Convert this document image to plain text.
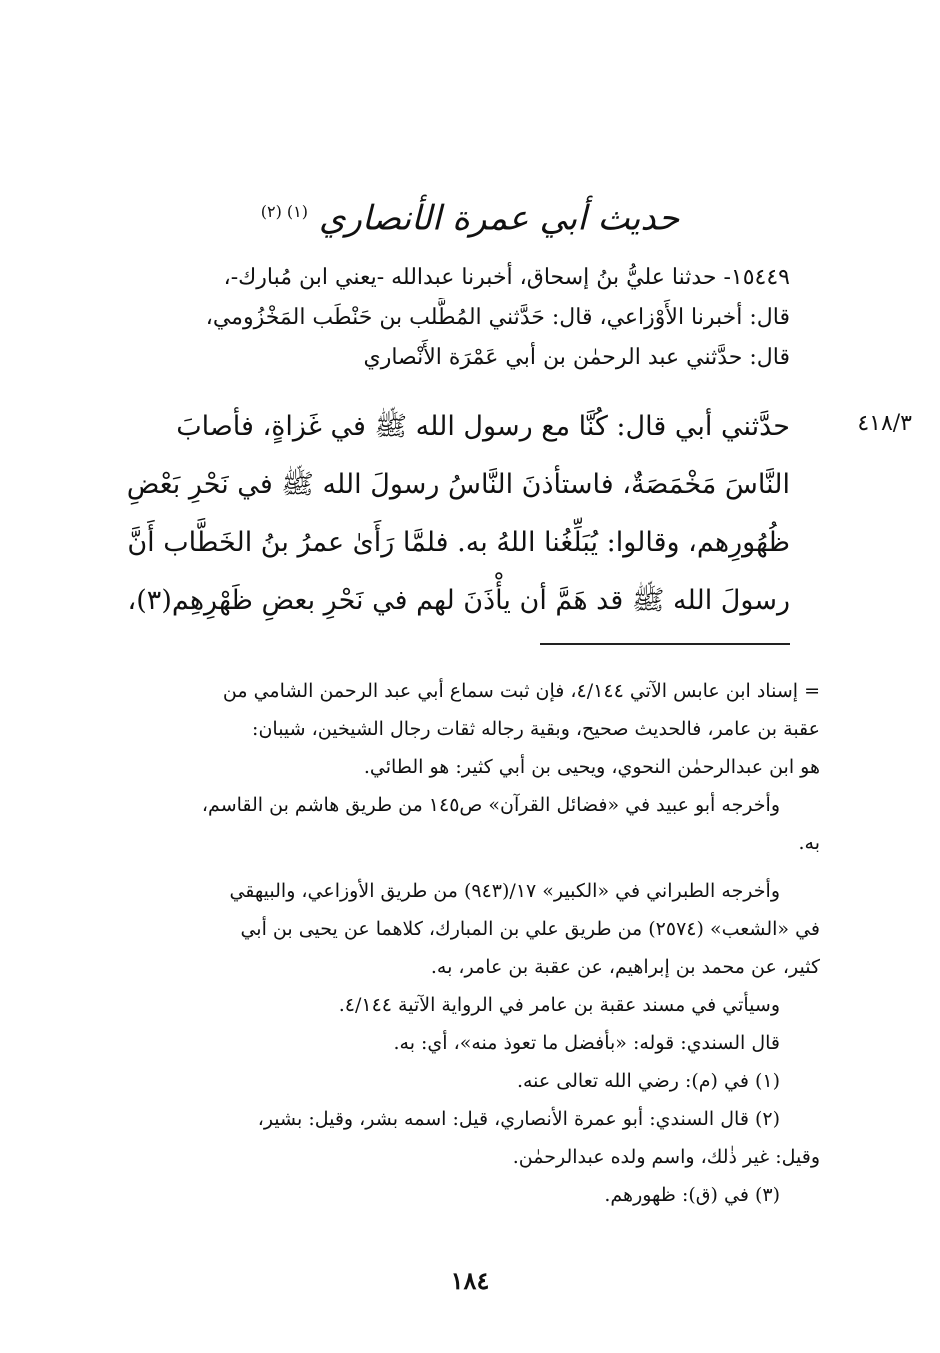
حديث أبي عمرة الأنصاري $^{(١) (٢)}$
١٥٤٤٩- حدثنا عليُّ بنُ إسحاق، أخبرنا عبدالله -يعني ابن مُبارك-،
قال: أخبرنا الأَوْزاعي، قال: حَدَّثني المُطَّلب بن حَنْطَب المَخْزُومي،
قال: حدَّثني عبد الرحمٰن بن أبي عَمْرَة الأَنْصاري
٤١٨/٣
حدَّثني أبي قال: كُنَّا مع رسول الله ﷺ في غَزاةٍ، فأصابَ
النَّاسَ مَخْمَصَةٌ، فاستأذنَ النَّاسُ رسولَ الله ﷺ في نَحْرِ بَعْضِ
ظُهُورِهم، وقالوا: يُبَلِّغُنا اللهُ به. فلمَّا رَأَىٰ عمرُ بنُ الخَطَّاب أَنَّ
رسولَ الله ﷺ قد هَمَّ أن يأْذَنَ لهم في نَحْرِ بعضِ ظَهْرِهِم(٣)،
= إسناد ابن عابس الآتي ٤/١٤٤، فإن ثبت سماع أبي عبد الرحمن الشامي من
عقبة بن عامر، فالحديث صحيح، وبقية رجاله ثقات رجال الشيخين، شيبان:
هو ابن عبدالرحمٰن النحوي، ويحيى بن أبي كثير: هو الطائي.
وأخرجه أبو عبيد في «فضائل القرآن» ص١٤٥ من طريق هاشم بن القاسم،
به.
وأخرجه الطبراني في «الكبير» ١٧/(٩٤٣) من طريق الأوزاعي، والبيهقي
في «الشعب» (٢٥٧٤) من طريق علي بن المبارك، كلاهما عن يحيى بن أبي
كثير، عن محمد بن إبراهيم، عن عقبة بن عامر، به.
وسيأتي في مسند عقبة بن عامر في الرواية الآتية ٤/١٤٤.
قال السندي: قوله: «بأفضل ما تعوذ منه»، أي: به.
(١) في (م): رضي الله تعالى عنه.
(٢) قال السندي: أبو عمرة الأنصاري، قيل: اسمه بشر، وقيل: بشير،
وقيل: غير ذٰلك، واسم ولده عبدالرحمٰن.
(٣) في (ق): ظهورهم.
١٨٤
